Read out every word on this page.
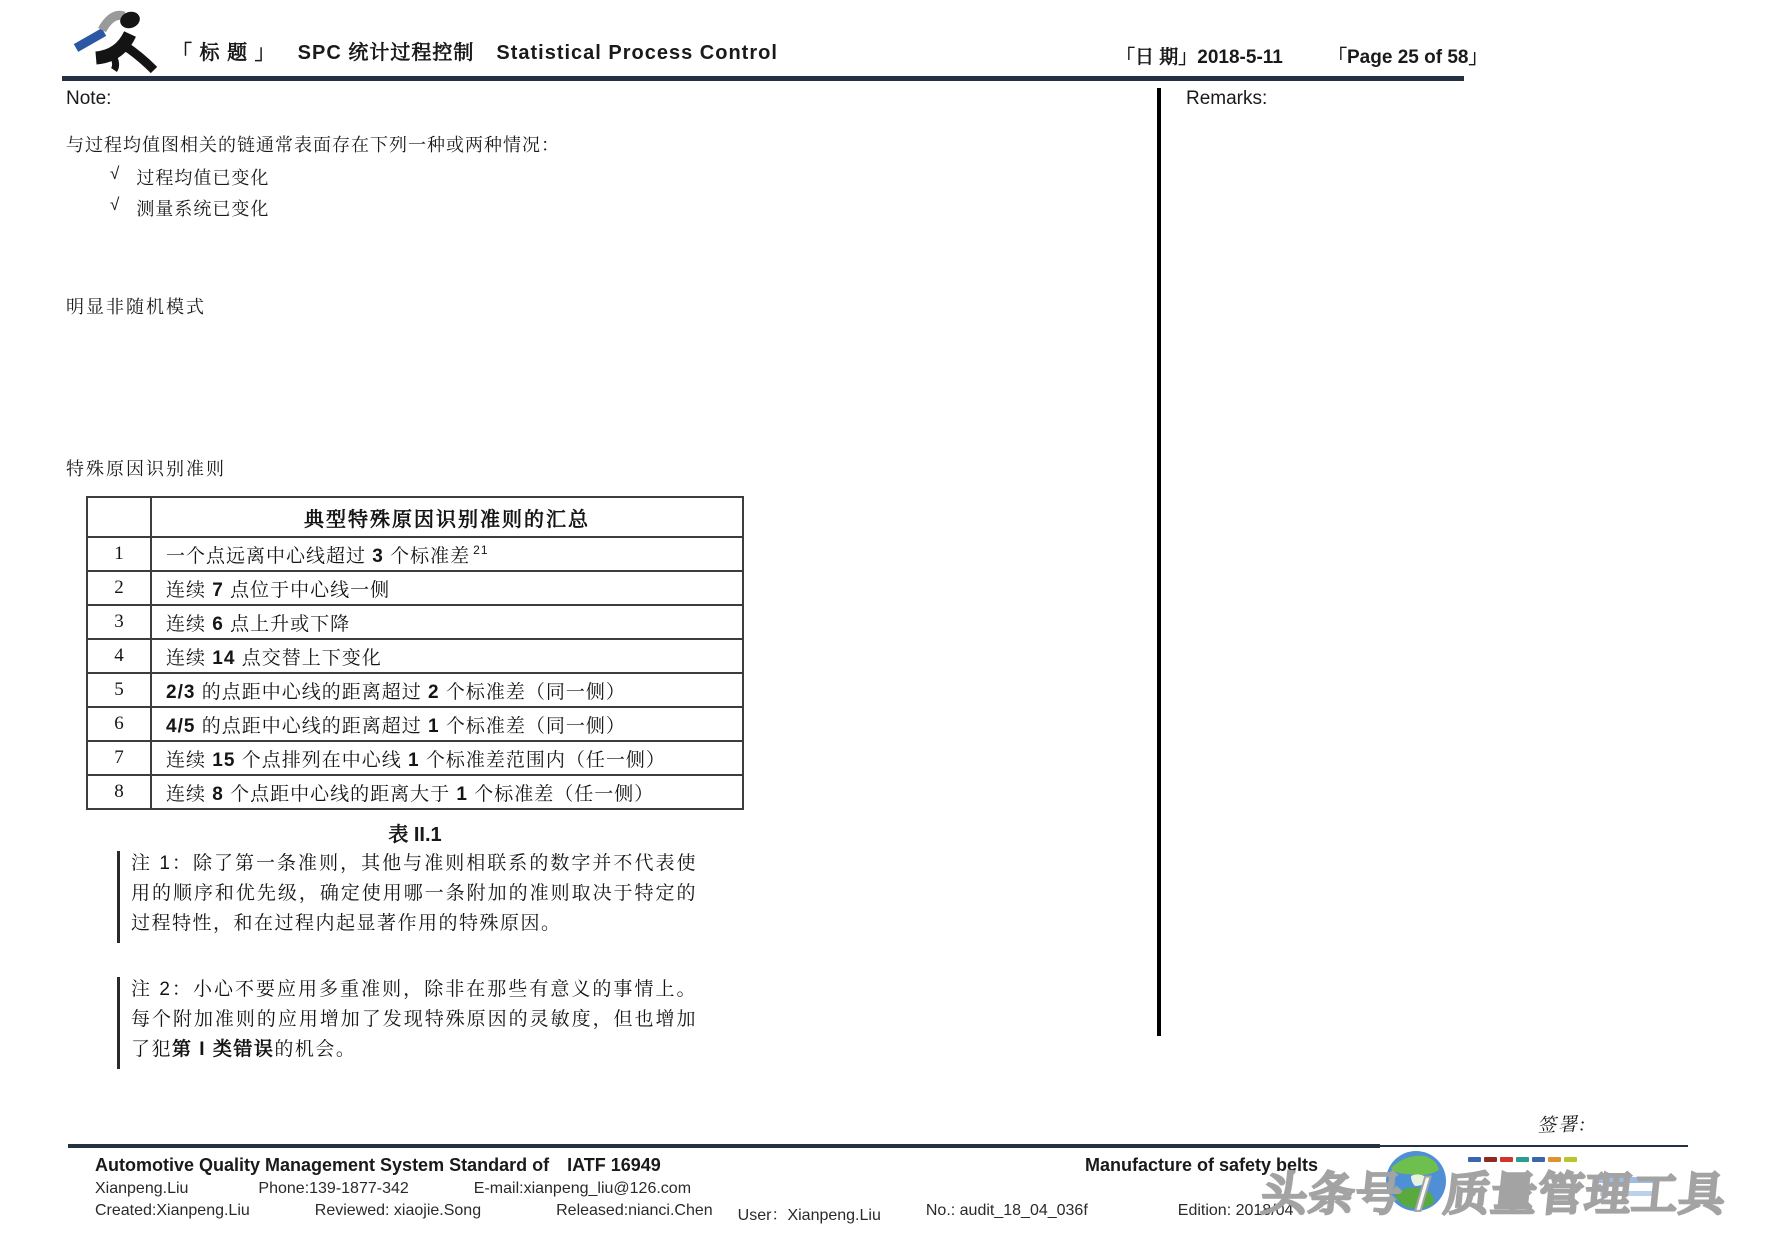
「 标 题 」 SPC 统计过程控制 Statistical Process Control	「日 期」2018-5-11 「Page 25 of 58」
Note:
与过程均值图相关的链通常表面存在下列一种或两种情况：
√ 过程均值已变化
√ 测量系统已变化
明显非随机模式
特殊原因识别准则
	典型特殊原因识别准则的汇总
1	一个点远离中心线超过 3 个标准差 $^{21}$
2	连续 7 点位于中心线一侧
3	连续 6 点上升或下降
4	连续 14 点交替上下变化
5	2/3 的点距中心线的距离超过 2 个标准差（同一侧）
6	4/5 的点距中心线的距离超过 1 个标准差（同一侧）
7	连续 15 个点排列在中心线 1 个标准差范围内（任一侧）
8	连续 8 个点距中心线的距离大于 1 个标准差（任一侧）
表 II.1
注 1：除了第一条准则，其他与准则相联系的数字并不代表使用的顺序和优先级，确定使用哪一条附加的准则取决于特定的过程特性，和在过程内起显著作用的特殊原因。
注 2：小心不要应用多重准则，除非在那些有意义的事情上。每个附加准则的应用增加了发现特殊原因的灵敏度，但也增加了犯第 I 类错误的机会。
Remarks:
签署:
Automotive Quality Management System Standard of IATF 16949	Manufacture of safety belts
Xianpeng.Liu	Phone:139-1877-342	E-mail:xianpeng_liu@126.com
Created:Xianpeng.Liu	Reviewed: xiaojie.Song	Released:nianci.Chen User：Xianpeng.Liu	No.: audit_18_04_036f	Edition: 2018/04
头条号 / 质量管理工具
